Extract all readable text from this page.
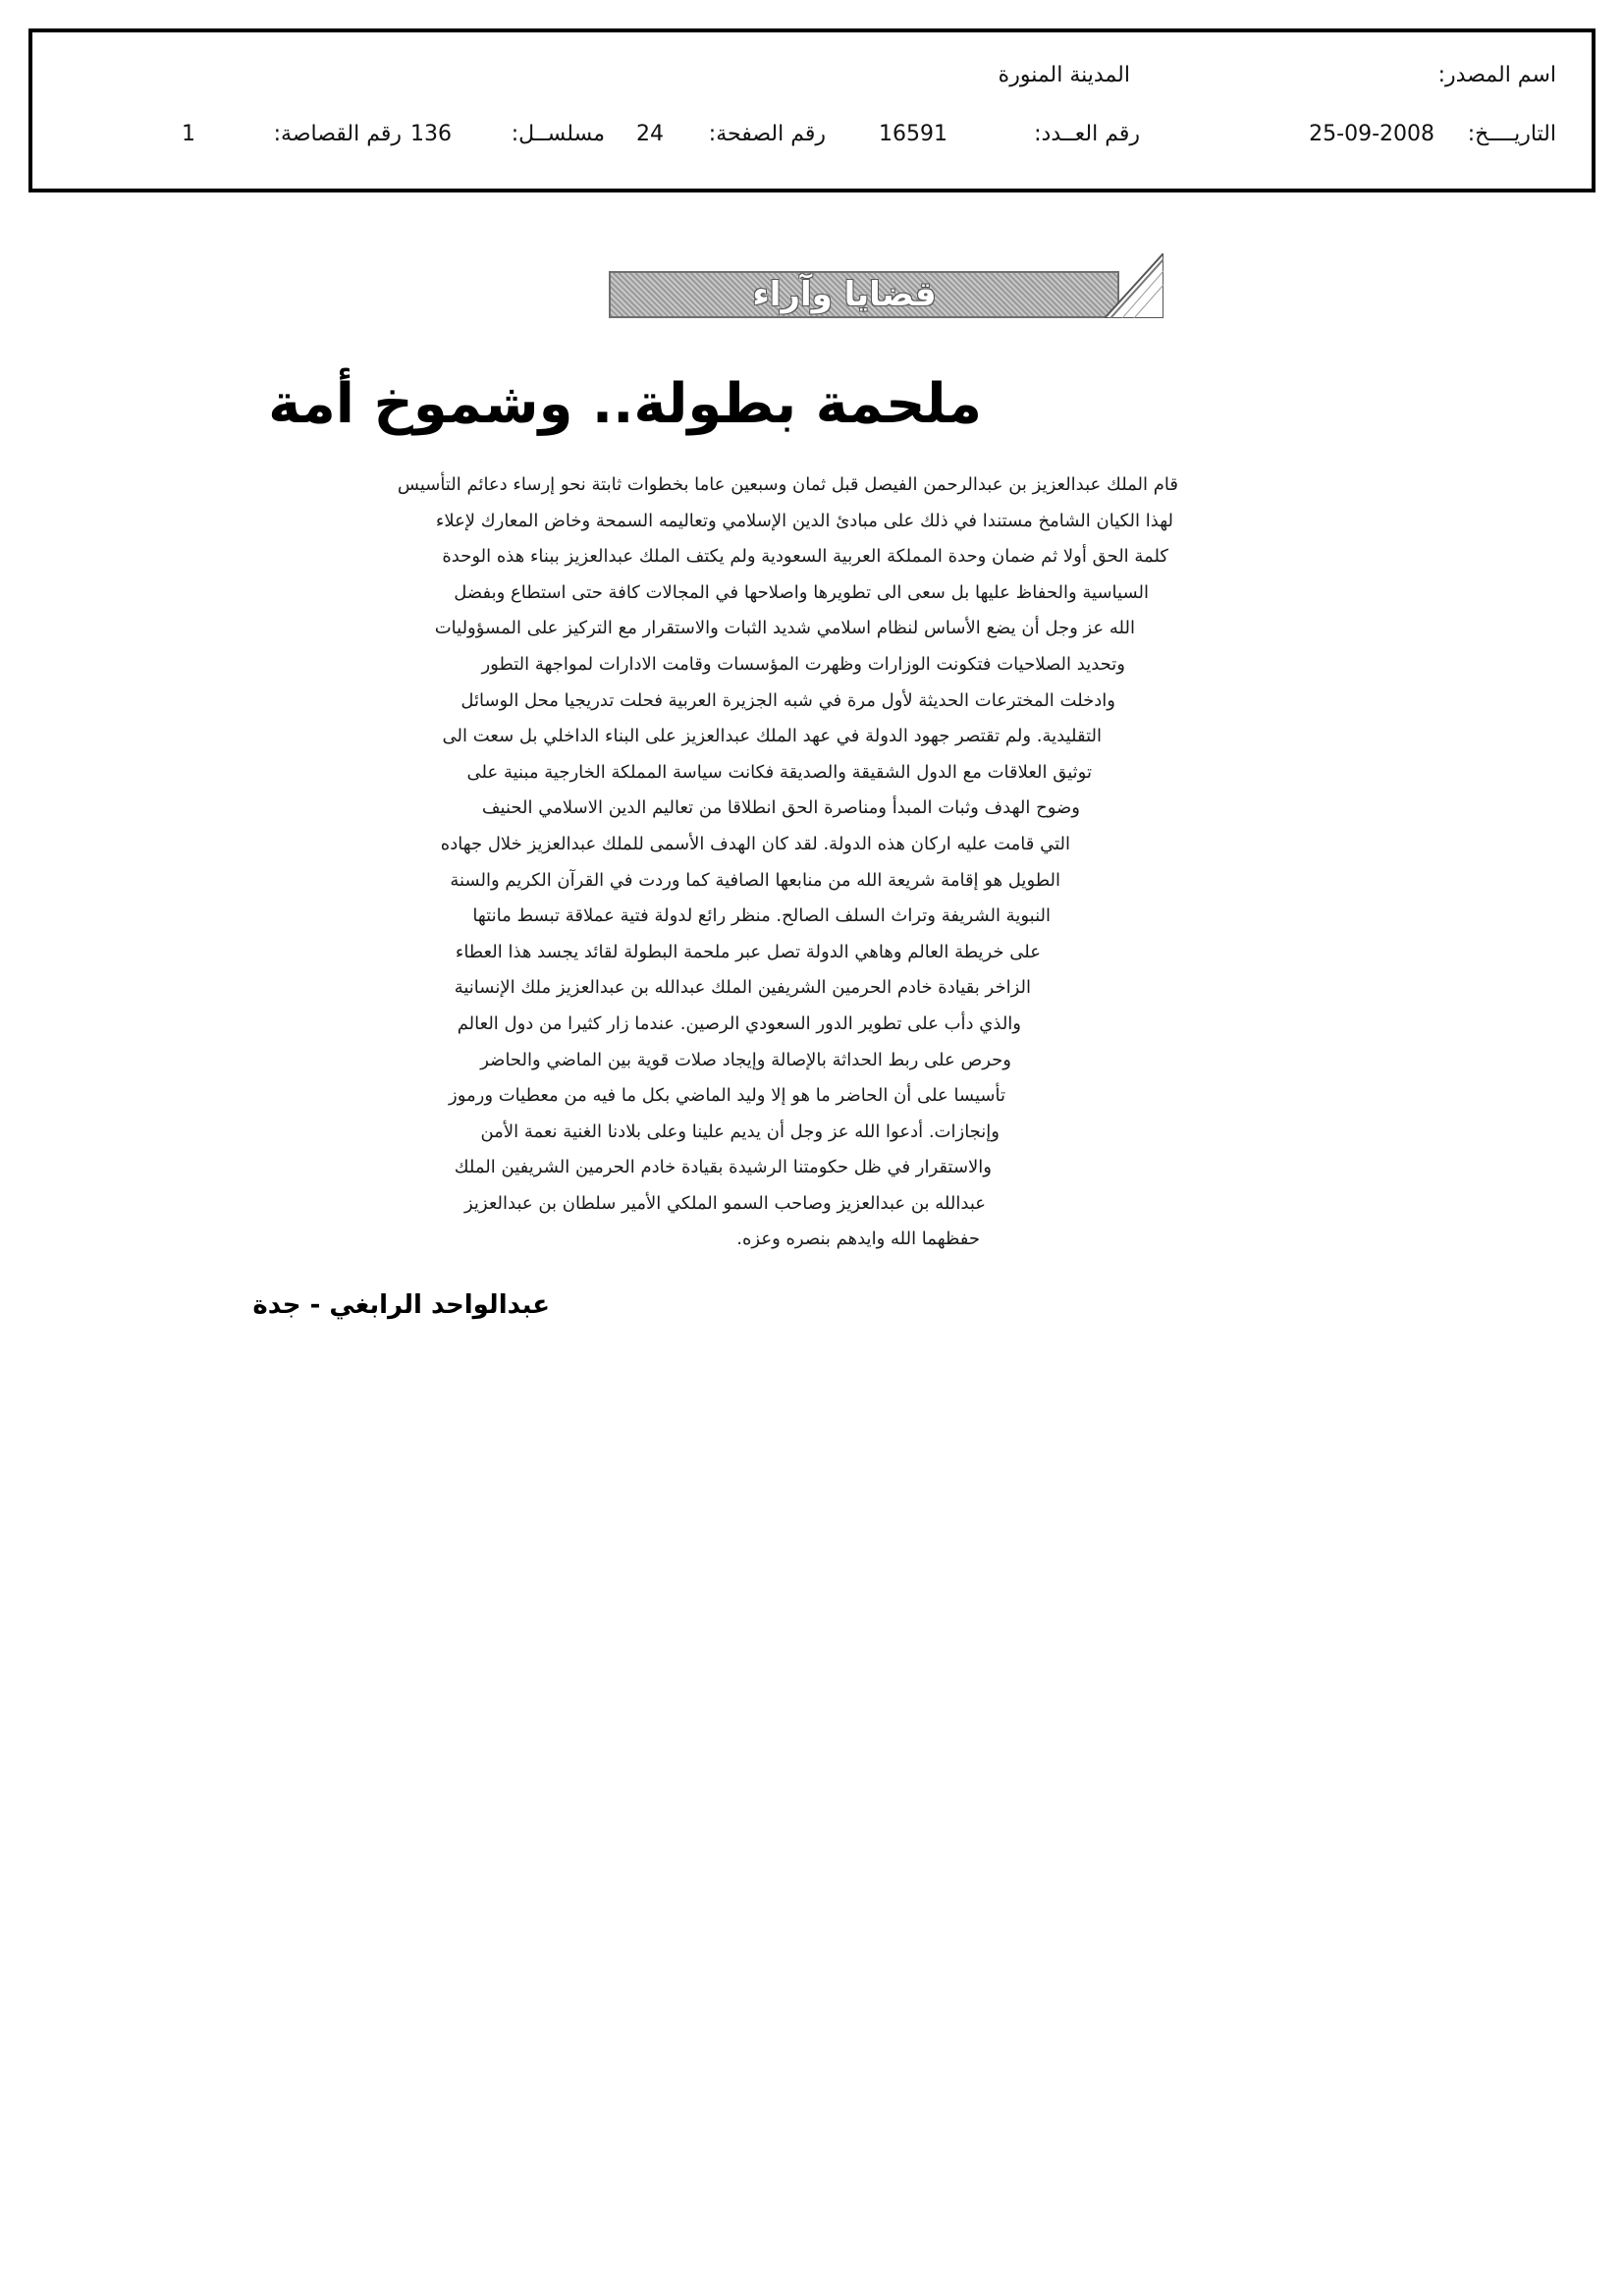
اسم المصدر:
المدينة المنورة
التاريــــخ:
25-09-2008
رقم العــدد:
16591
رقم الصفحة:
24
مسلســل:
136
رقم القصاصة:
1
قضايا وآراء
ملحمة بطولة.. وشموخ أمة
قام الملك عبدالعزيز بن عبدالرحمن الفيصل قبل ثمان وسبعين عاما بخطوات ثابتة نحو إرساء دعائم التأسيس
لهذا الكيان الشامخ مستندا في ذلك على مبادئ الدين الإسلامي وتعاليمه السمحة وخاض المعارك لإعلاء
كلمة الحق أولا ثم ضمان وحدة المملكة العربية السعودية ولم يكتف الملك عبدالعزيز ببناء هذه الوحدة
السياسية والحفاظ عليها بل سعى الى تطويرها واصلاحها في المجالات كافة حتى استطاع وبفضل
الله عز وجل أن يضع الأساس لنظام اسلامي شديد الثبات والاستقرار مع التركيز على المسؤوليات
وتحديد الصلاحيات فتكونت الوزارات وظهرت المؤسسات وقامت الادارات لمواجهة التطور
وادخلت المخترعات الحديثة لأول مرة في شبه الجزيرة العربية فحلت تدريجيا محل الوسائل
التقليدية. ولم تقتصر جهود الدولة في عهد الملك عبدالعزيز على البناء الداخلي بل سعت الى
توثيق العلاقات مع الدول الشقيقة والصديقة فكانت سياسة المملكة الخارجية مبنية على
وضوح الهدف وثبات المبدأ ومناصرة الحق انطلاقا من تعاليم الدين الاسلامي الحنيف
التي قامت عليه اركان هذه الدولة. لقد كان الهدف الأسمى للملك عبدالعزيز خلال جهاده
الطويل هو إقامة شريعة الله من منابعها الصافية كما وردت في القرآن الكريم والسنة
النبوية الشريفة وتراث السلف الصالح. منظر رائع لدولة فتية عملاقة تبسط مانتها
على خريطة العالم وهاهي الدولة تصل عبر ملحمة البطولة لقائد يجسد هذا العطاء
الزاخر بقيادة خادم الحرمين الشريفين الملك عبدالله بن عبدالعزيز ملك الإنسانية
والذي دأب على تطوير الدور السعودي الرصين. عندما زار كثيرا من دول العالم
وحرص على ربط الحداثة بالإصالة وإيجاد صلات قوية بين الماضي والحاضر
تأسيسا على أن الحاضر ما هو إلا وليد الماضي بكل ما فيه من معطيات ورموز
وإنجازات. أدعوا الله عز وجل أن يديم علينا وعلى بلادنا الغنية نعمة الأمن
والاستقرار في ظل حكومتنا الرشيدة بقيادة خادم الحرمين الشريفين الملك
عبدالله بن عبدالعزيز وصاحب السمو الملكي الأمير سلطان بن عبدالعزيز
حفظهما الله وايدهم بنصره وعزه.
عبدالواحد الرابغي - جدة
